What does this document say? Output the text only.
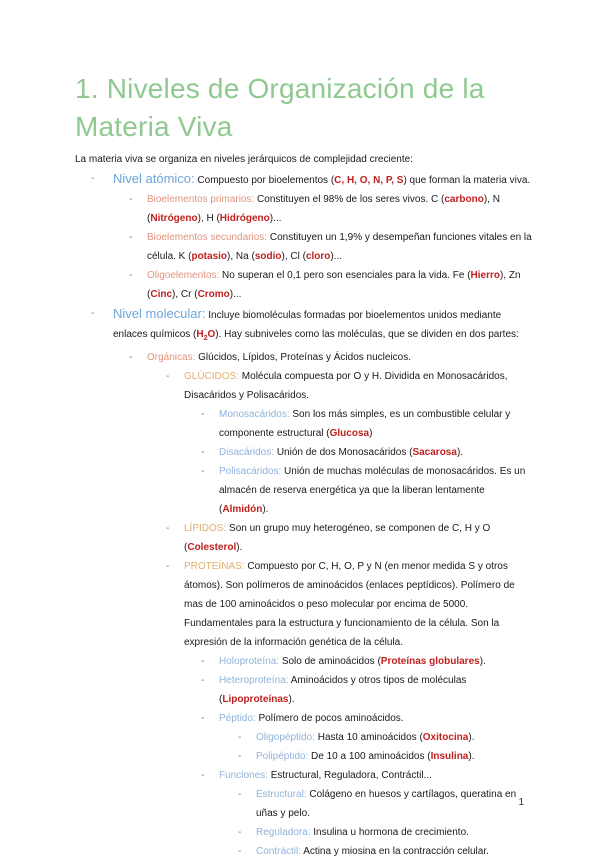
1. Niveles de Organización de la Materia Viva
La materia viva se organiza en niveles jerárquicos de complejidad creciente:
- Nivel atómico: Compuesto por bioelementos (C, H, O, N, P, S) que forman la materia viva.
- Bioelementos primarios: Constituyen el 98% de los seres vivos. C (carbono), N (Nitrógeno), H (Hidrógeno)...
- Bioelementos secundarios: Constituyen un 1,9% y desempeñan funciones vitales en la célula. K (potasio), Na (sodio), Cl (cloro)...
- Oligoelementos: No superan el 0,1 pero son esenciales para la vida. Fe (Hierro), Zn (Cinc), Cr (Cromo)...
- Nivel molecular: Incluye biomoléculas formadas por bioelementos unidos mediante enlaces químicos $(H_2O)$. Hay subniveles como las moléculas, que se dividen en dos partes:
- Orgánicas: Glúcidos, Lípidos, Proteínas y Ácidos nucleicos.
- GLÚCIDOS: Molécula compuesta por O y H. Dividida en Monosacáridos, Disacáridos y Polisacáridos.
- Monosacáridos: Son los más simples, es un combustible celular y componente estructural (Glucosa)
- Disacáridos: Unión de dos Monosacáridos (Sacarosa).
- Polisacáridos: Unión de muchas moléculas de monosacáridos. Es un almacén de reserva energética ya que la liberan lentamente (Almidón).
- LÍPIDOS: Son un grupo muy heterogéneo, se componen de C, H y O (Colesterol).
- PROTEÍNAS: Compuesto por C, H, O, P y N (en menor medida S y otros átomos). Son polímeros de aminoácidos (enlaces peptídicos). Polímero de mas de 100 aminoácidos o peso molecular por encima de 5000. Fundamentales para la estructura y funcionamiento de la célula. Son la expresión de la información genética de la célula.
- Holoproteína: Solo de aminoácidos (Proteínas globulares).
- Heteroproteína: Aminoácidos y otros tipos de moléculas (Lipoproteínas).
- Péptido: Polímero de pocos aminoácidos.
- Oligopéptido: Hasta 10 aminoácidos (Oxitocina).
- Polipéptido: De 10 a 100 aminoácidos (Insulina).
- Funciones: Estructural, Reguladora, Contráctil...
- Estructural: Colágeno en huesos y cartílagos, queratina en uñas y pelo.
- Reguladora: Insulina u hormona de crecimiento.
- Contráctil: Actina y miosina en la contracción celular.
1
